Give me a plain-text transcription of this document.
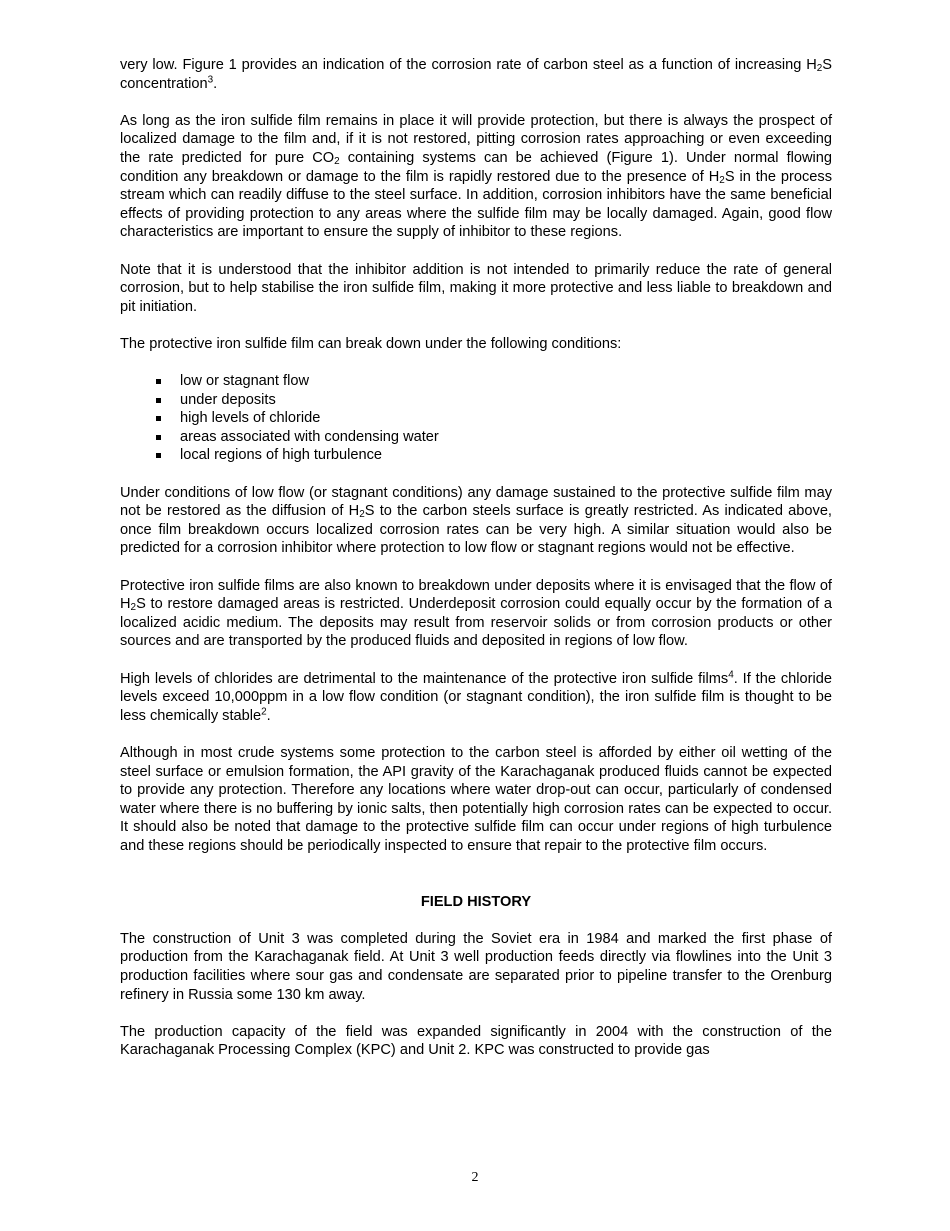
very low. Figure 1 provides an indication of the corrosion rate of carbon steel as a function of increasing $H_2S$ concentration$^3$.

As long as the iron sulfide film remains in place it will provide protection, but there is always the prospect of localized damage to the film and, if it is not restored, pitting corrosion rates approaching or even exceeding the rate predicted for pure $CO_2$ containing systems can be achieved (Figure 1). Under normal flowing condition any breakdown or damage to the film is rapidly restored due to the presence of $H_2S$ in the process stream which can readily diffuse to the steel surface. In addition, corrosion inhibitors have the same beneficial effects of providing protection to any areas where the sulfide film may be locally damaged. Again, good flow characteristics are important to ensure the supply of inhibitor to these regions.

Note that it is understood that the inhibitor addition is not intended to primarily reduce the rate of general corrosion, but to help stabilise the iron sulfide film, making it more protective and less liable to breakdown and pit initiation.

The protective iron sulfide film can break down under the following conditions:

low or stagnant flow
under deposits
high levels of chloride
areas associated with condensing water
local regions of high turbulence

Under conditions of low flow (or stagnant conditions) any damage sustained to the protective sulfide film may not be restored as the diffusion of $H_2S$ to the carbon steels surface is greatly restricted. As indicated above, once film breakdown occurs localized corrosion rates can be very high. A similar situation would also be predicted for a corrosion inhibitor where protection to low flow or stagnant regions would not be effective.

Protective iron sulfide films are also known to breakdown under deposits where it is envisaged that the flow of $H_2S$ to restore damaged areas is restricted. Underdeposit corrosion could equally occur by the formation of a localized acidic medium. The deposits may result from reservoir solids or from corrosion products or other sources and are transported by the produced fluids and deposited in regions of low flow.

High levels of chlorides are detrimental to the maintenance of the protective iron sulfide films$^4$. If the chloride levels exceed 10,000ppm in a low flow condition (or stagnant condition), the iron sulfide film is thought to be less chemically stable$^2$.

Although in most crude systems some protection to the carbon steel is afforded by either oil wetting of the steel surface or emulsion formation, the API gravity of the Karachaganak produced fluids cannot be expected to provide any protection. Therefore any locations where water drop-out can occur, particularly of condensed water where there is no buffering by ionic salts, then potentially high corrosion rates can be expected to occur. It should also be noted that damage to the protective sulfide film can occur under regions of high turbulence and these regions should be periodically inspected to ensure that repair to the protective film occurs.

FIELD HISTORY

The construction of Unit 3 was completed during the Soviet era in 1984 and marked the first phase of production from the Karachaganak field. At Unit 3 well production feeds directly via flowlines into the Unit 3 production facilities where sour gas and condensate are separated prior to pipeline transfer to the Orenburg refinery in Russia some 130 km away.

The production capacity of the field was expanded significantly in 2004 with the construction of the Karachaganak Processing Complex (KPC) and Unit 2. KPC was constructed to provide gas

2
